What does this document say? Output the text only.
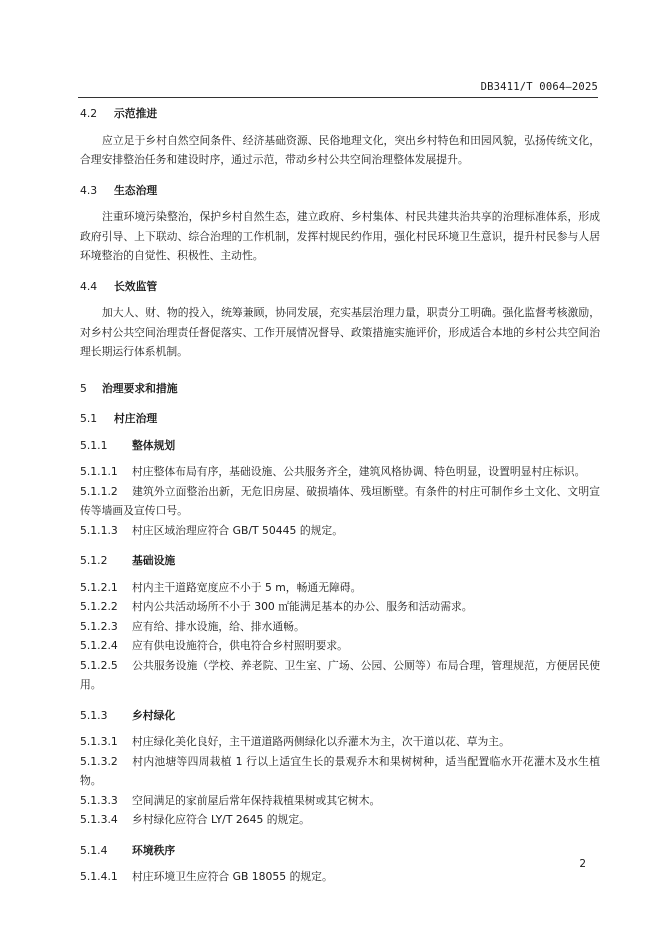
DB3411/T 0064—2025
4.2 示范推进
应立足于乡村自然空间条件、经济基础资源、民俗地理文化，突出乡村特色和田园风貌，弘扬传统文化，合理安排整治任务和建设时序，通过示范，带动乡村公共空间治理整体发展提升。
4.3 生态治理
注重环境污染整治，保护乡村自然生态，建立政府、乡村集体、村民共建共治共享的治理标准体系，形成政府引导、上下联动、综合治理的工作机制，发挥村规民约作用，强化村民环境卫生意识，提升村民参与人居环境整治的自觉性、积极性、主动性。
4.4 长效监管
加大人、财、物的投入，统筹兼顾，协同发展，充实基层治理力量，职责分工明确。强化监督考核激励，对乡村公共空间治理责任督促落实、工作开展情况督导、政策措施实施评价，形成适合本地的乡村公共空间治理长期运行体系机制。
5 治理要求和措施
5.1 村庄治理
5.1.1 整体规划
5.1.1.1 村庄整体布局有序，基础设施、公共服务齐全，建筑风格协调、特色明显，设置明显村庄标识。
5.1.1.2 建筑外立面整治出新，无危旧房屋、破损墙体、残垣断壁。有条件的村庄可制作乡土文化、文明宣传等墙画及宣传口号。
5.1.1.3 村庄区域治理应符合 GB/T 50445 的规定。
5.1.2 基础设施
5.1.2.1 村内主干道路宽度应不小于 5 m，畅通无障碍。
5.1.2.2 村内公共活动场所不小于 300 ㎡能满足基本的办公、服务和活动需求。
5.1.2.3 应有给、排水设施，给、排水通畅。
5.1.2.4 应有供电设施符合，供电符合乡村照明要求。
5.1.2.5 公共服务设施（学校、养老院、卫生室、广场、公园、公厕等）布局合理，管理规范，方便居民使用。
5.1.3 乡村绿化
5.1.3.1 村庄绿化美化良好，主干道道路两侧绿化以乔灌木为主，次干道以花、草为主。
5.1.3.2 村内池塘等四周栽植 1 行以上适宜生长的景观乔木和果树树种，适当配置临水开花灌木及水生植物。
5.1.3.3 空间满足的家前屋后常年保持栽植果树或其它树木。
5.1.3.4 乡村绿化应符合 LY/T 2645 的规定。
5.1.4 环境秩序
5.1.4.1 村庄环境卫生应符合 GB 18055 的规定。
2
